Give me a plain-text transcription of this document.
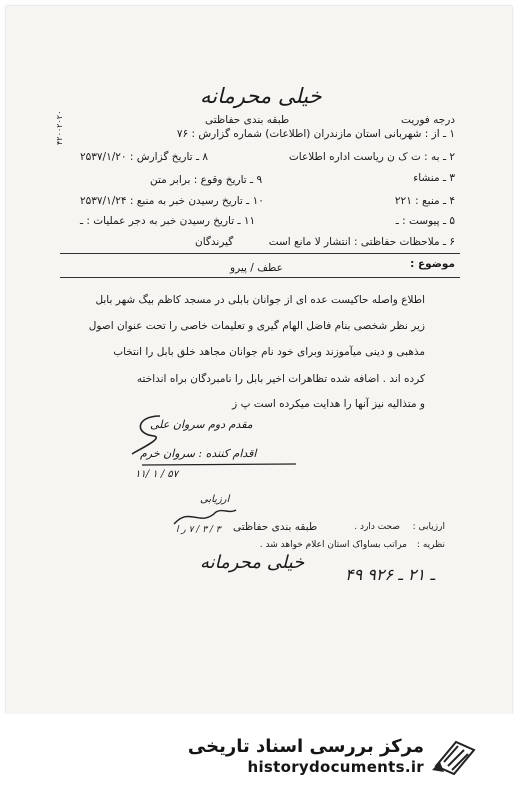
خیلی محرمانه
طبقه بندی حفاظتی	درجه فوریت
۱ ـ از : شهربانی استان مازندران (اطلاعات) شماره گزارش : ۷۶
۲ ـ به : ت ک ن ریاست اداره اطلاعات
۳ ـ منشاء
۴ ـ منبع : ۲۲۱
۵ ـ پیوست : ـ
۶ ـ ملاحظات حفاظتی : انتشار لا مانع است
۸ ـ تاریخ گزارش : ۲۵۳۷/۱/۲۰
۹ ـ تاریخ وقوع : برابر متن
۱۰ ـ تاریخ رسیدن خبر به منبع : ۲۵۳۷/۱/۲۴
۱۱ ـ تاریخ رسیدن خبر به دجر عملیات : ـ
گیرندگان
۴۲۰۰۲۰۲۰
موضوع :
عطف / پیرو
اطلاع واصله حاکیست عده ای از جوانان بابلی در مسجد کاظم بیگ شهر بابل
زیر نظر شخصی بنام فاضل الهام گیری و تعلیمات خاصی را تحت عنوان اصول
مذهبی و دینی میآموزند وبرای خود نام جوانان مجاهد خلق بابل را انتخاب
کرده اند . اضافه شده تظاهرات اخیر بابل را نامبردگان براه انداخته
و متذالیه نیز آنها را هدایت میکرده است پ ز
مقدم دوم سروان علی
اقدام کننده : سروان خرم
۱۱/ ۱ / ۵۷
ارزیابی
۳ / ۳ / ۷ ر ا طبقه بندی حفاظتی
خیلی محرمانه
ارزیابی :
صحت دارد .
نظریه :
مراتب بساواک استان اعلام خواهد شد .
۴۹ ـ ۲۱ ـ ۹۲۶
مرکز بررسی اسناد تاریخی
historydocuments.ir
